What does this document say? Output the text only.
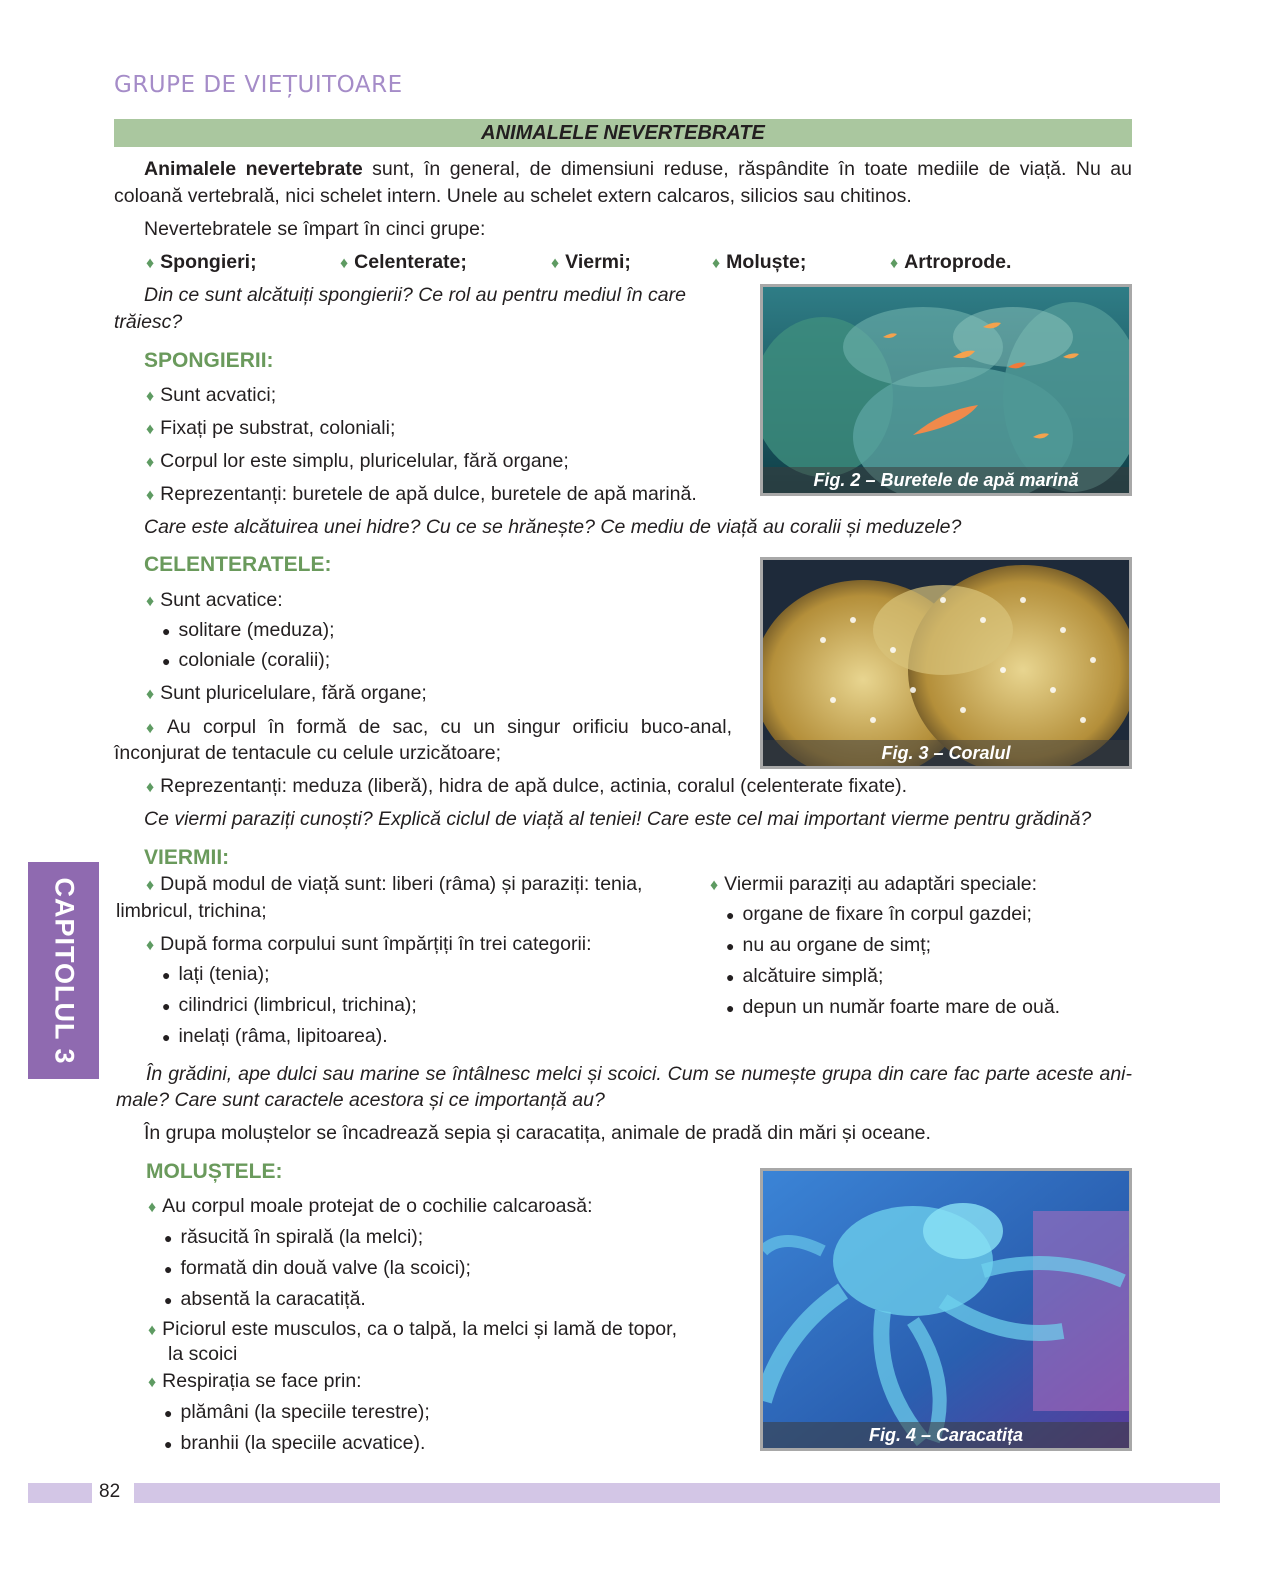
GRUPE DE VIEȚUITOARE
ANIMALELE NEVERTEBRATE
Animalele nevertebrate sunt, în general, de dimensiuni reduse, răspândite în toate mediile de viață. Nu au
coloană vertebrală, nici schelet intern. Unele au schelet extern calcaros, silicios sau chitinos.
Nevertebratele se împart în cinci grupe:
♦ Spongieri;	♦ Celenterate;	♦ Viermi;	♦ Moluște;	♦ Artroprode.
Din ce sunt alcătuiți spongierii? Ce rol au pentru mediul în care
trăiesc?
SPONGIERII:
♦ Sunt acvatici;
♦ Fixați pe substrat, coloniali;
♦ Corpul lor este simplu, pluricelular, fără organe;
♦ Reprezentanți: buretele de apă dulce, buretele de apă marină.
Fig. 2 – Buretele de apă marină
Care este alcătuirea unei hidre? Cu ce se hrănește? Ce mediu de viață au coralii și meduzele?
CELENTERATELE:
♦ Sunt acvatice:
● solitare (meduza);
● coloniale (coralii);
♦ Sunt pluricelulare, fără organe;
♦ Au corpul în formă de sac, cu un singur orificiu buco-anal,
înconjurat de tentacule cu celule urzicătoare;
♦ Reprezentanți: meduza (liberă), hidra de apă dulce, actinia, coralul (celenterate fixate).
Fig. 3 – Coralul
Ce viermi paraziți cunoști? Explică ciclul de viață al teniei! Care este cel mai important vierme pentru grădină?
VIERMII:
♦ După modul de viață sunt: liberi (râma) și paraziți: tenia,
limbricul, trichina;
♦ După forma corpului sunt împărțiți în trei categorii:
● lați (tenia);
● cilindrici (limbricul, trichina);
● inelați (râma, lipitoarea).
♦ Viermii paraziți au adaptări speciale:
● organe de fixare în corpul gazdei;
● nu au organe de simț;
● alcătuire simplă;
● depun un număr foarte mare de ouă.
CAPITOLUL 3
În grădini, ape dulci sau marine se întâlnesc melci și scoici. Cum se numește grupa din care fac parte aceste ani-
male? Care sunt caractele acestora și ce importanță au?
În grupa moluștelor se încadrează sepia și caracatița, animale de pradă din mări și oceane.
MOLUȘTELE:
♦ Au corpul moale protejat de o cochilie calcaroasă:
● răsucită în spirală (la melci);
● formată din două valve (la scoici);
● absentă la caracatiță.
♦ Piciorul este musculos, ca o talpă, la melci și lamă de topor,
la scoici
♦ Respirația se face prin:
● plămâni (la speciile terestre);
● branhii (la speciile acvatice).	Fig. 4 – Caracatița
82
